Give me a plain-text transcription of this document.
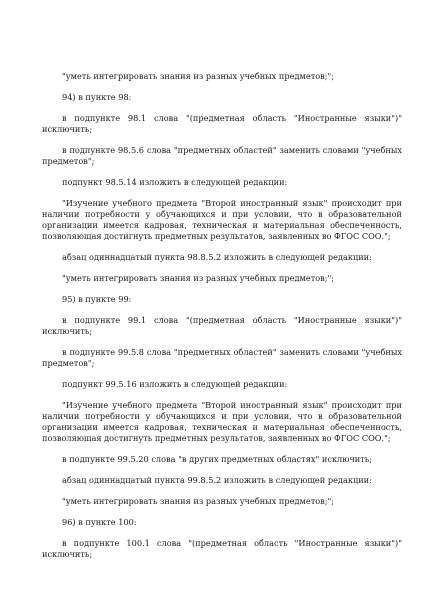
"уметь интегрировать знания из разных учебных предметов;";

94) в пункте 98:

в подпункте 98.1 слова "(предметная область "Иностранные языки")" исключить;

в подпункте 98.5.6 слова "предметных областей" заменить словами "учебных предметов";

подпункт 98.5.14 изложить в следующей редакции:

"Изучение учебного предмета "Второй иностранный язык" происходит при наличии потребности у обучающихся и при условии, что в образовательной организации имеется кадровая, техническая и материальная обеспеченность, позволяющая достигнуть предметных результатов, заявленных во ФГОС СОО.";

абзац одиннадцатый пункта 98.8.5.2 изложить в следующей редакции:

"уметь интегрировать знания из разных учебных предметов;";

95) в пункте 99:

в подпункте 99.1 слова "(предметная область "Иностранные языки")" исключить;

в подпункте 99.5.8 слова "предметных областей" заменить словами "учебных предметов";

подпункт 99.5.16 изложить в следующей редакции:

"Изучение учебного предмета "Второй иностранный язык" происходит при наличии потребности у обучающихся и при условии, что в образовательной организации имеется кадровая, техническая и материальная обеспеченность, позволяющая достигнуть предметных результатов, заявленных во ФГОС СОО.";

в подпункте 99.5.20 слова "в других предметных областях" исключить;

абзац одиннадцатый пункта 99.8.5.2 изложить в следующей редакции:

"уметь интегрировать знания из разных учебных предметов;";

96) в пункте 100:

в подпункте 100.1 слова "(предметная область "Иностранные языки")" исключить;
